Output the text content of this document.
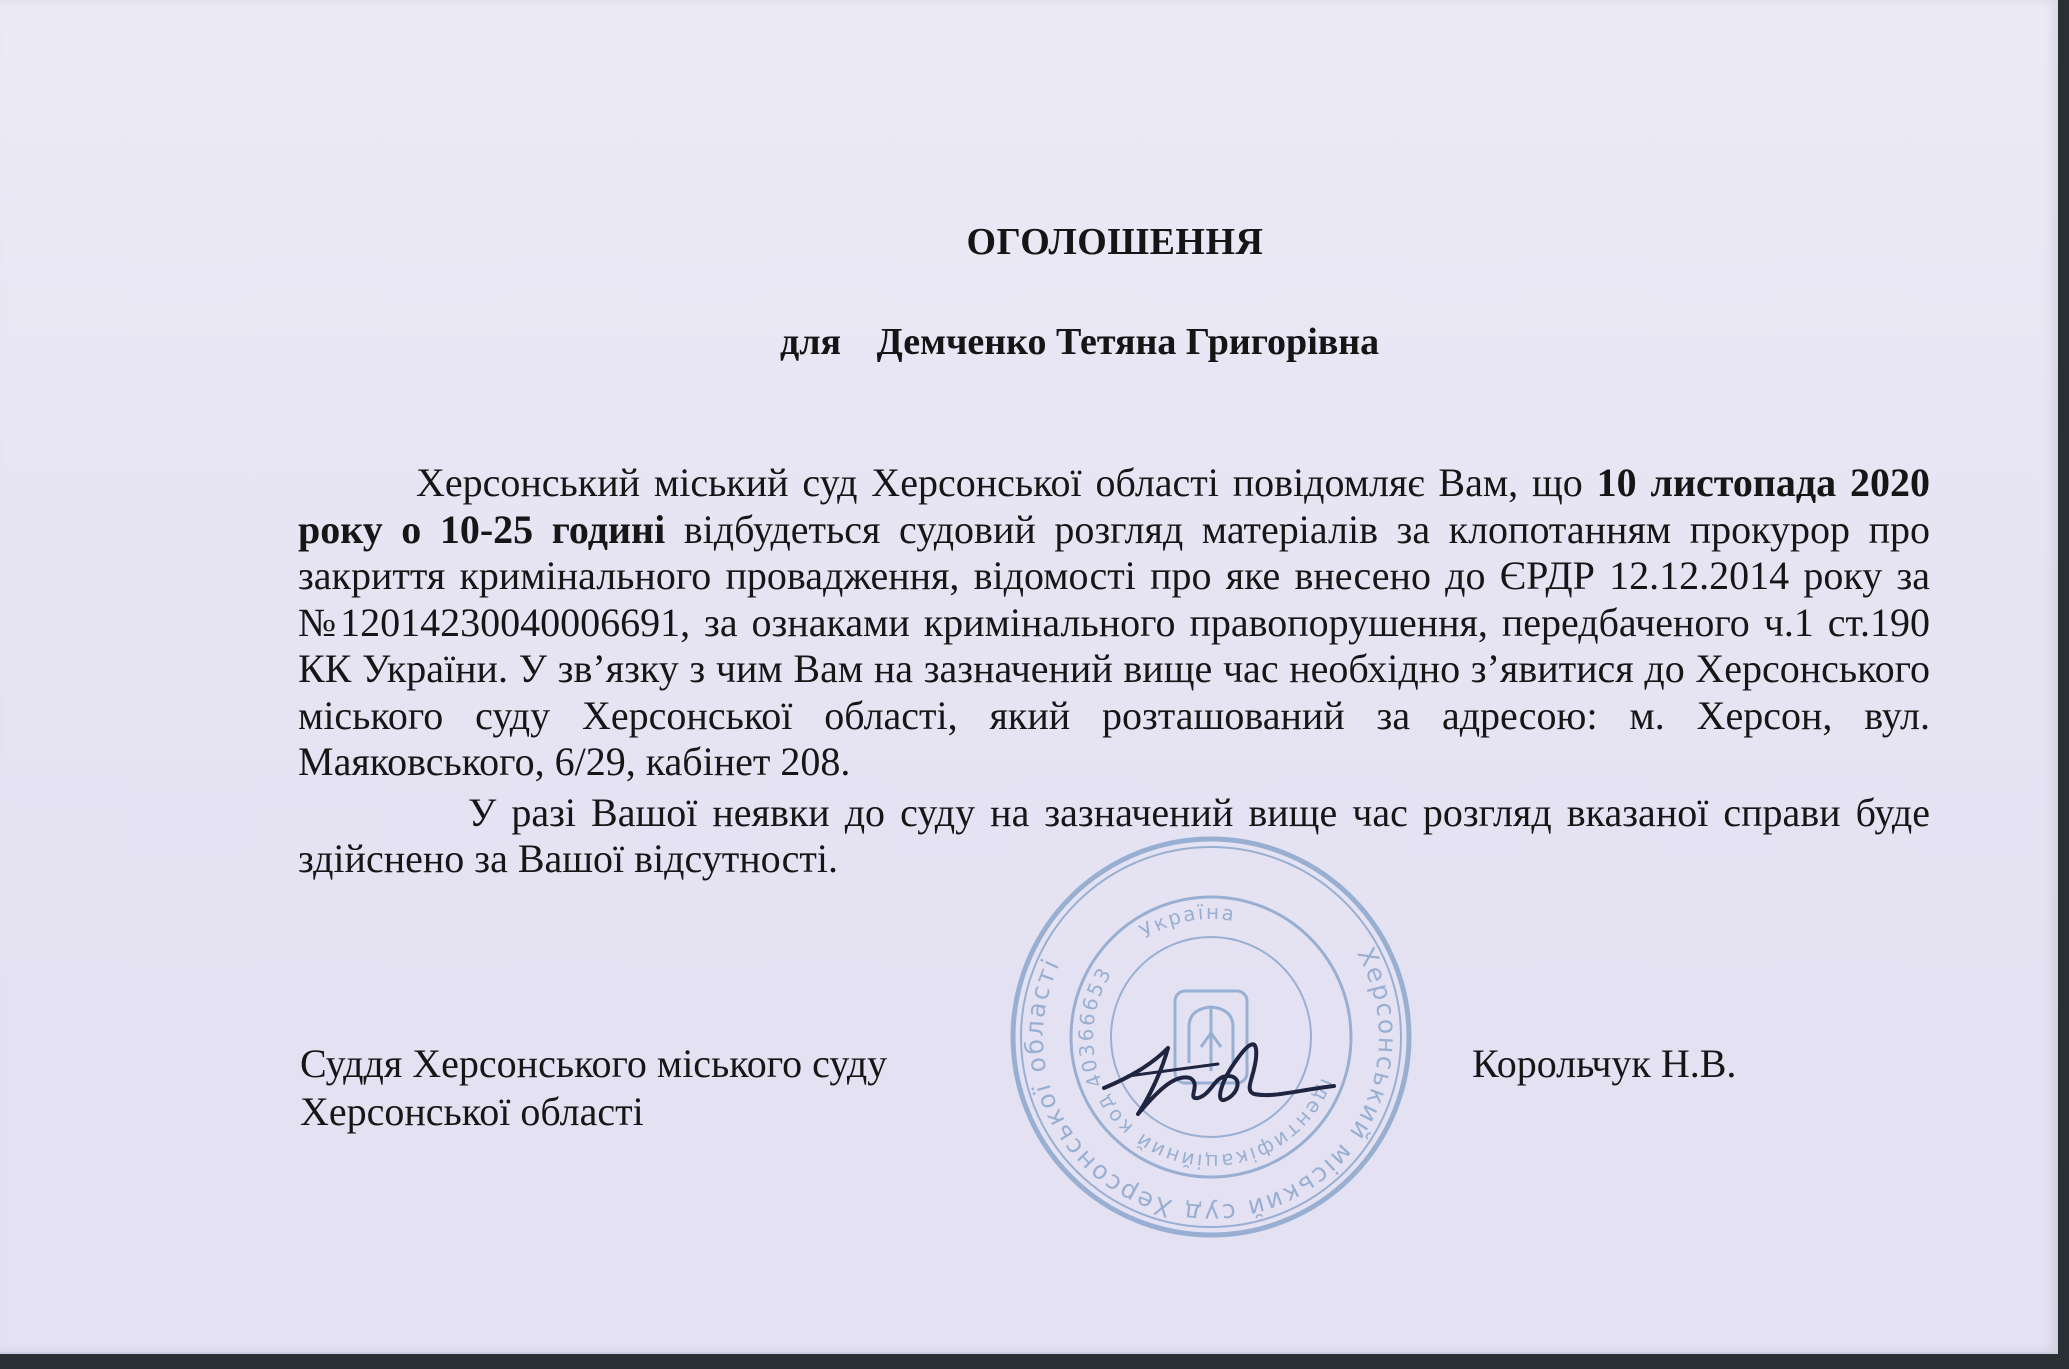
ОГОЛОШЕННЯ
для Демченко Тетяна Григорівна

Херсонський міський суд Херсонської області повідомляє Вам, що 10 листопада 2020 року о 10-25 годині відбудеться судовий розгляд матеріалів за клопотанням прокурор про закриття кримінального провадження, відомості про яке внесено до ЄРДР 12.12.2014 року за №12014230040006691, за ознаками кримінального правопорушення, передбаченого ч.1 ст.190 КК України. У зв’язку з чим Вам на зазначений вище час необхідно з’явитися до Херсонського міського суду Херсонської області, який розташований за адресою: м. Херсон, вул. Маяковського, 6/29, кабінет 208.

У разі Вашої неявки до суду на зазначений вище час розгляд вказаної справи буде здійснено за Вашої відсутності.

Херсонський міський суд Херсонської області
ідентифікаційний код 40366653
Україна
Суддя Херсонського міського суду
Херсонської області
Корольчук Н.В.
